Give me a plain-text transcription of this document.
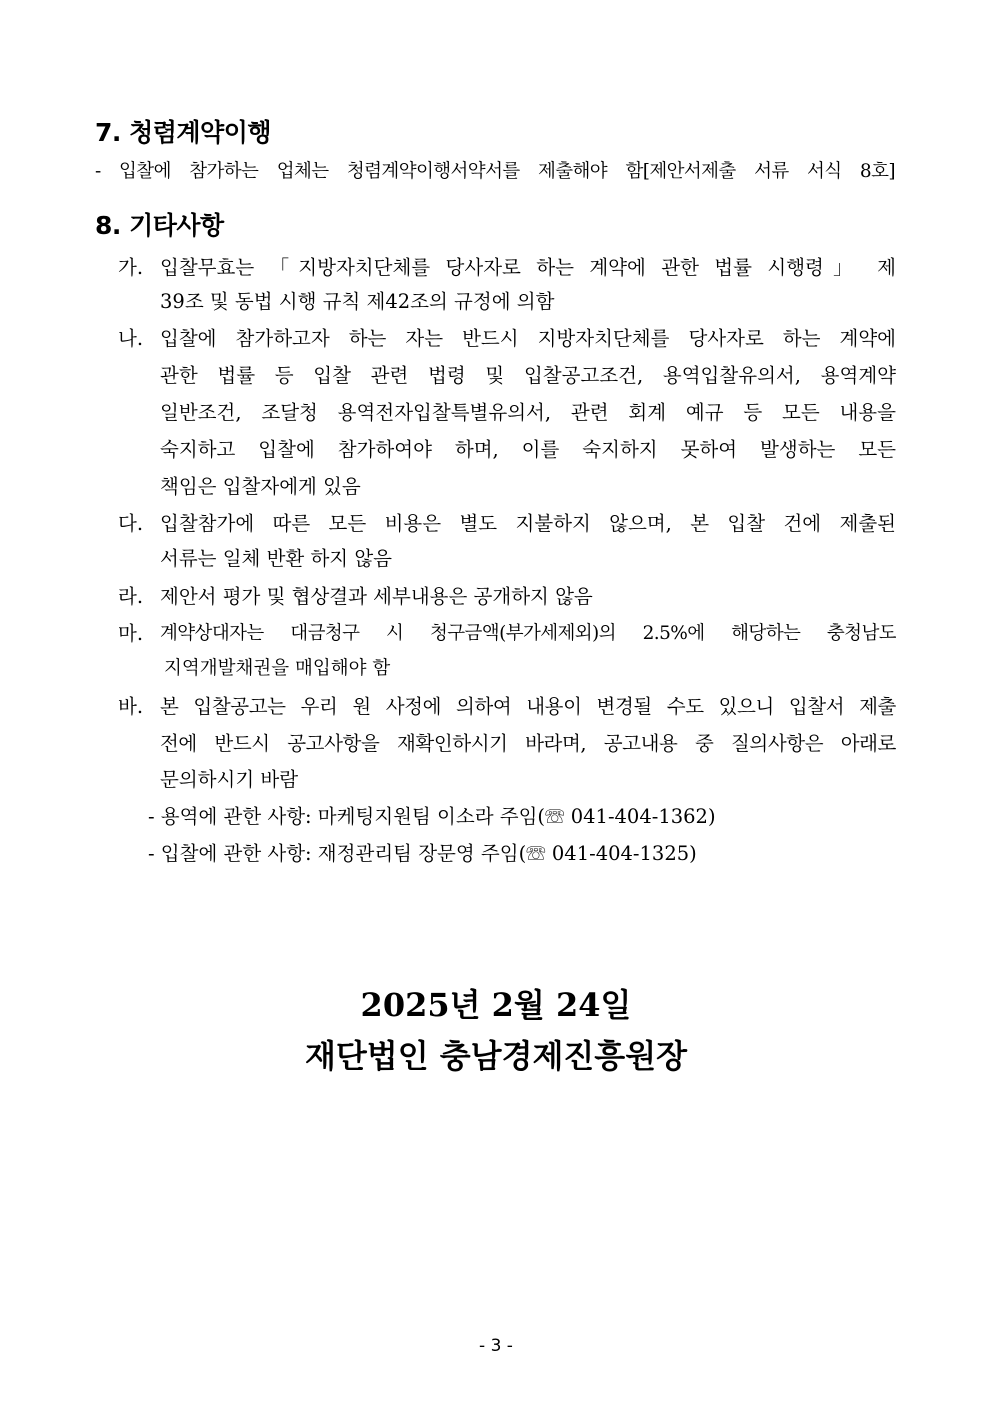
7. 청렴계약이행
- 입찰에 참가하는 업체는 청렴계약이행서약서를 제출해야 함[제안서제출 서류 서식 8호]
8. 기타사항
가. 입찰무효는 「지방자치단체를 당사자로 하는 계약에 관한 법률 시행령」 제
39조 및 동법 시행 규칙 제42조의 규정에 의함
나. 입찰에 참가하고자 하는 자는 반드시 지방자치단체를 당사자로 하는 계약에
관한 법률 등 입찰 관련 법령 및 입찰공고조건, 용역입찰유의서, 용역계약
일반조건, 조달청 용역전자입찰특별유의서, 관련 회계 예규 등 모든 내용을
숙지하고 입찰에 참가하여야 하며, 이를 숙지하지 못하여 발생하는 모든
책임은 입찰자에게 있음
다. 입찰참가에 따른 모든 비용은 별도 지불하지 않으며, 본 입찰 건에 제출된
서류는 일체 반환 하지 않음
라. 제안서 평가 및 협상결과 세부내용은 공개하지 않음
마. 계약상대자는 대금청구 시 청구금액(부가세제외)의 2.5%에 해당하는 충청남도
지역개발채권을 매입해야 함
바. 본 입찰공고는 우리 원 사정에 의하여 내용이 변경될 수도 있으니 입찰서 제출
전에 반드시 공고사항을 재확인하시기 바라며, 공고내용 중 질의사항은 아래로
문의하시기 바람
- 용역에 관한 사항: 마케팅지원팀 이소라 주임(☏ 041-404-1362)
- 입찰에 관한 사항: 재정관리팀 장문영 주임(☏ 041-404-1325)
2025년 2월 24일
재단법인 충남경제진흥원장
- 3 -
